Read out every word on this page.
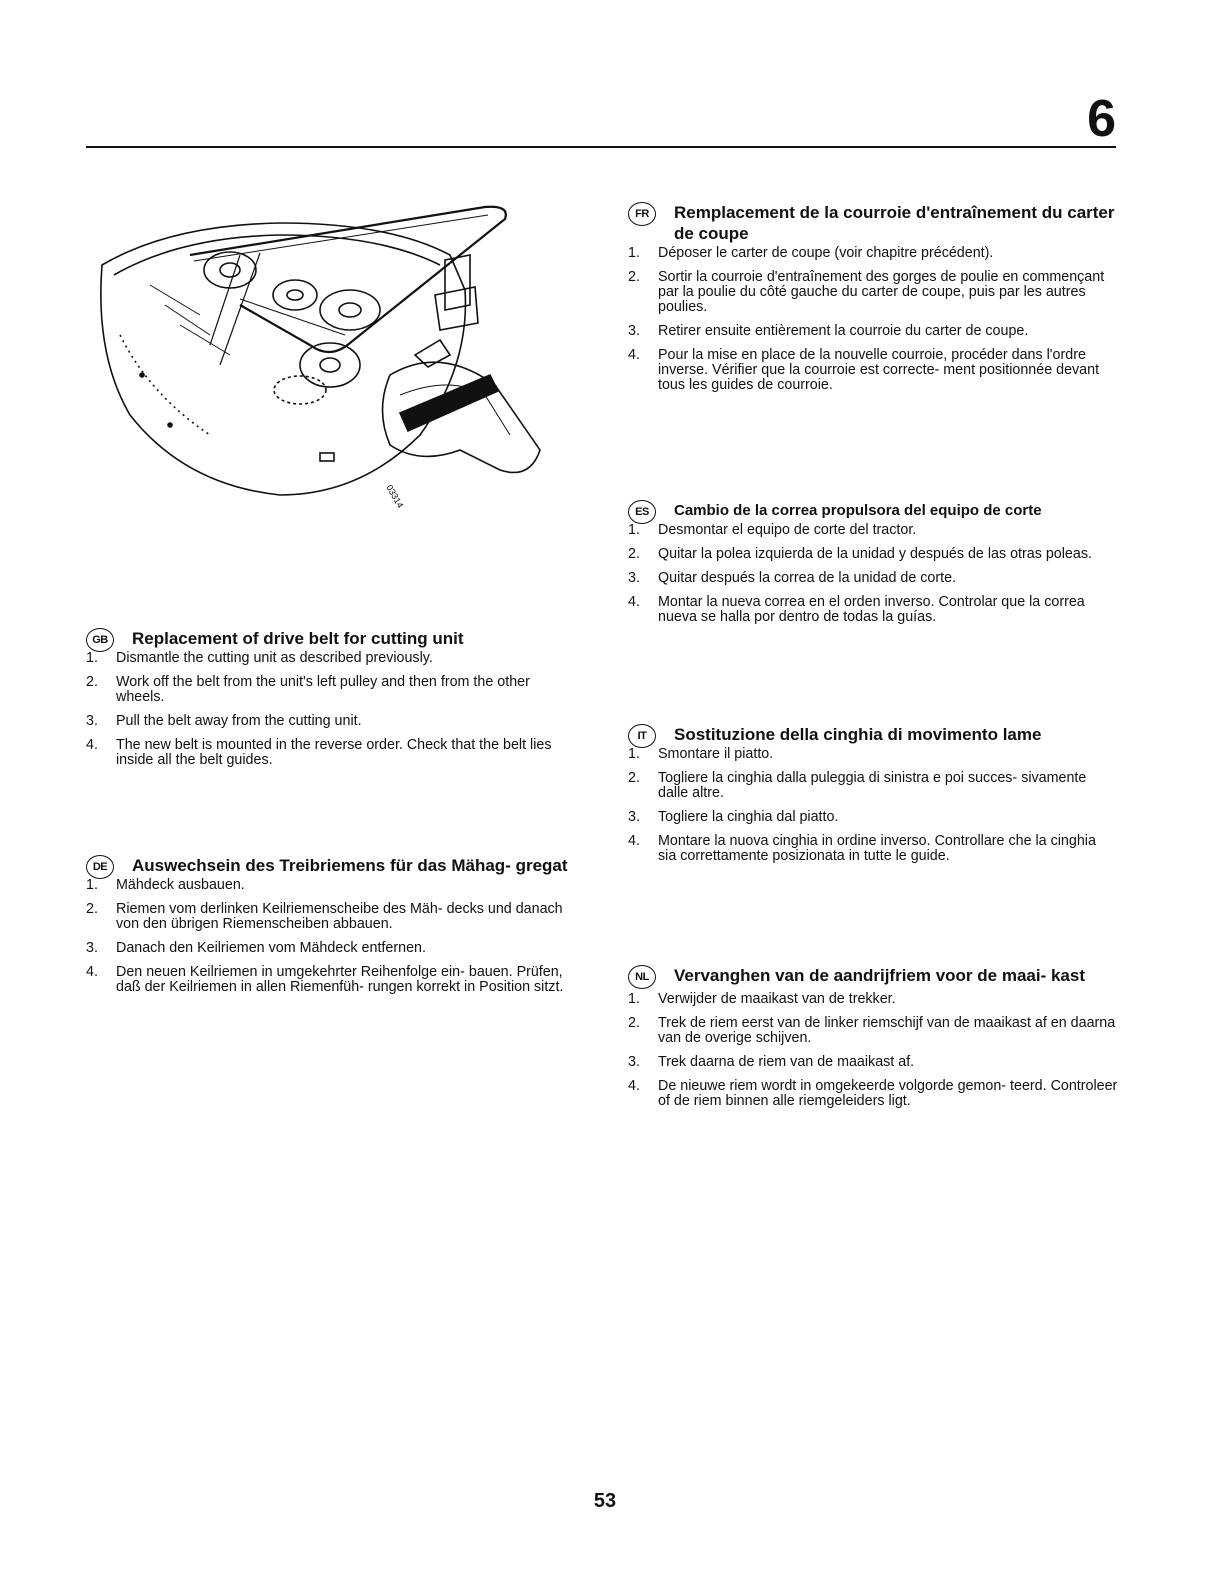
6
03314
GB	Replacement of drive belt for cutting unit
1. Dismantle the cutting unit as described previously.
2. Work off the belt from the unit's left pulley and then from the other wheels.
3. Pull the belt away from the cutting unit.
4. The new belt is mounted in the reverse order. Check that the belt lies inside all the belt guides.
DE	Auswechsein des Treibriemens für das Mähag- gregat
1. Mähdeck ausbauen.
2. Riemen vom derlinken Keilriemenscheibe des Mäh- decks und danach von den übrigen Riemenscheiben abbauen.
3. Danach den Keilriemen vom Mähdeck entfernen.
4. Den neuen Keilriemen in umgekehrter Reihenfolge ein- bauen. Prüfen, daß der Keilriemen in allen Riemenfüh- rungen korrekt in Position sitzt.
FR	Remplacement de la courroie d'entraînement du carter de coupe
1. Déposer le carter de coupe (voir chapitre précédent).
2. Sortir la courroie d'entraînement des gorges de poulie en commençant par la poulie du côté gauche du carter de coupe, puis par les autres poulies.
3. Retirer ensuite entièrement la courroie du carter de coupe.
4. Pour la mise en place de la nouvelle courroie, procéder dans l'ordre inverse. Vérifier que la courroie est correcte- ment positionnée devant tous les guides de courroie.
ES	Cambio de la correa propulsora del equipo de corte
1. Desmontar el equipo de corte del tractor.
2. Quitar la polea izquierda de la unidad y después de las otras poleas.
3. Quitar después la correa de la unidad de corte.
4. Montar la nueva correa en el orden inverso. Controlar que la correa nueva se halla por dentro de todas la guías.
IT	Sostituzione della cinghia di movimento lame
1. Smontare il piatto.
2. Togliere la cinghia dalla puleggia di sinistra e poi succes- sivamente dalle altre.
3. Togliere la cinghia dal piatto.
4. Montare la nuova cinghia in ordine inverso. Controllare che la cinghia sia correttamente posizionata in tutte le guide.
NL	Vervanghen van de aandrijfriem voor de maai- kast
1. Verwijder de maaikast van de trekker.
2. Trek de riem eerst van de linker riemschijf van de maaikast af en daarna van de overige schijven.
3. Trek daarna de riem van de maaikast af.
4. De nieuwe riem wordt in omgekeerde volgorde gemon- teerd. Controleer of de riem binnen alle riemgeleiders ligt.
53
